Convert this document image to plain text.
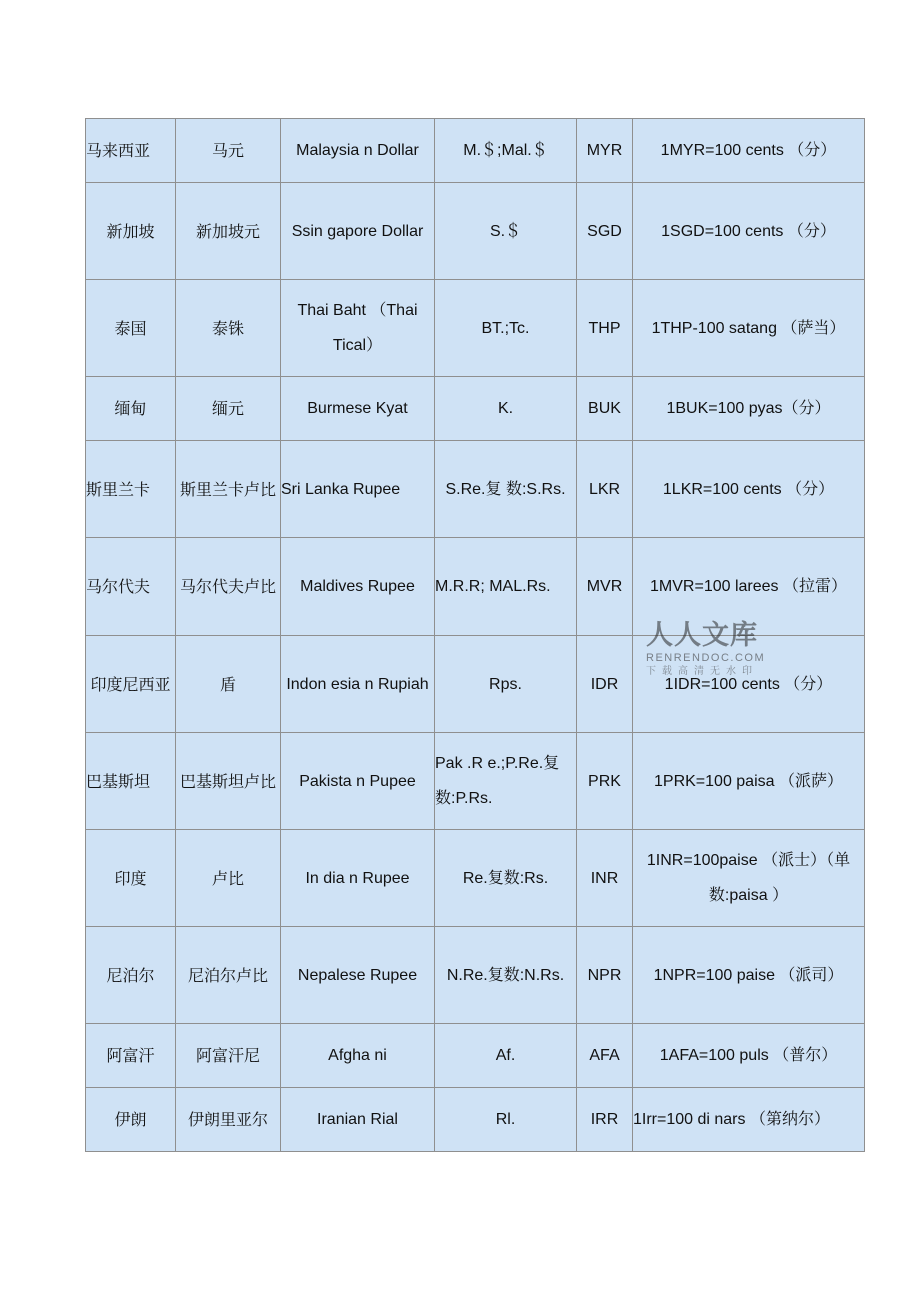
马来西亚	马元	Malaysia n Dollar	M.＄;Mal.＄	MYR	1MYR=100 cents （分）
新加坡	新加坡元	Ssin gapore Dollar	S.＄	SGD	1SGD=100 cents （分）
泰国	泰铢	Thai Baht （Thai Tical）	BT.;Tc.	THP	1THP-100 satang （萨当）
缅甸	缅元	Burmese Kyat	K.	BUK	1BUK=100 pyas（分）
斯里兰卡	斯里兰卡卢比	Sri Lanka Rupee	S.Re.复 数:S.Rs.	LKR	1LKR=100 cents （分）
马尔代夫	马尔代夫卢比	Maldives Rupee	M.R.R; MAL.Rs.	MVR	1MVR=100 larees （拉雷）
印度尼西亚	盾	Indon esia n Rupiah	Rps.	IDR	1IDR=100 cents （分）
巴基斯坦	巴基斯坦卢比	Pakista n Pupee	Pak .R e.;P.Re.复数:P.Rs.	PRK	1PRK=100 paisa （派萨）
印度	卢比	In dia n Rupee	Re.复数:Rs.	INR	1INR=100paise （派士）（单数:paisa ）
尼泊尔	尼泊尔卢比	Nepalese Rupee	N.Re.复数:N.Rs.	NPR	1NPR=100 paise （派司）
阿富汗	阿富汗尼	Afgha ni	Af.	AFA	1AFA=100 puls （普尔）
伊朗	伊朗里亚尔	Iranian Rial	Rl.	IRR	1Irr=100 di nars （第纳尔）
人人文库
RENRENDOC.COM
下载高清无水印
